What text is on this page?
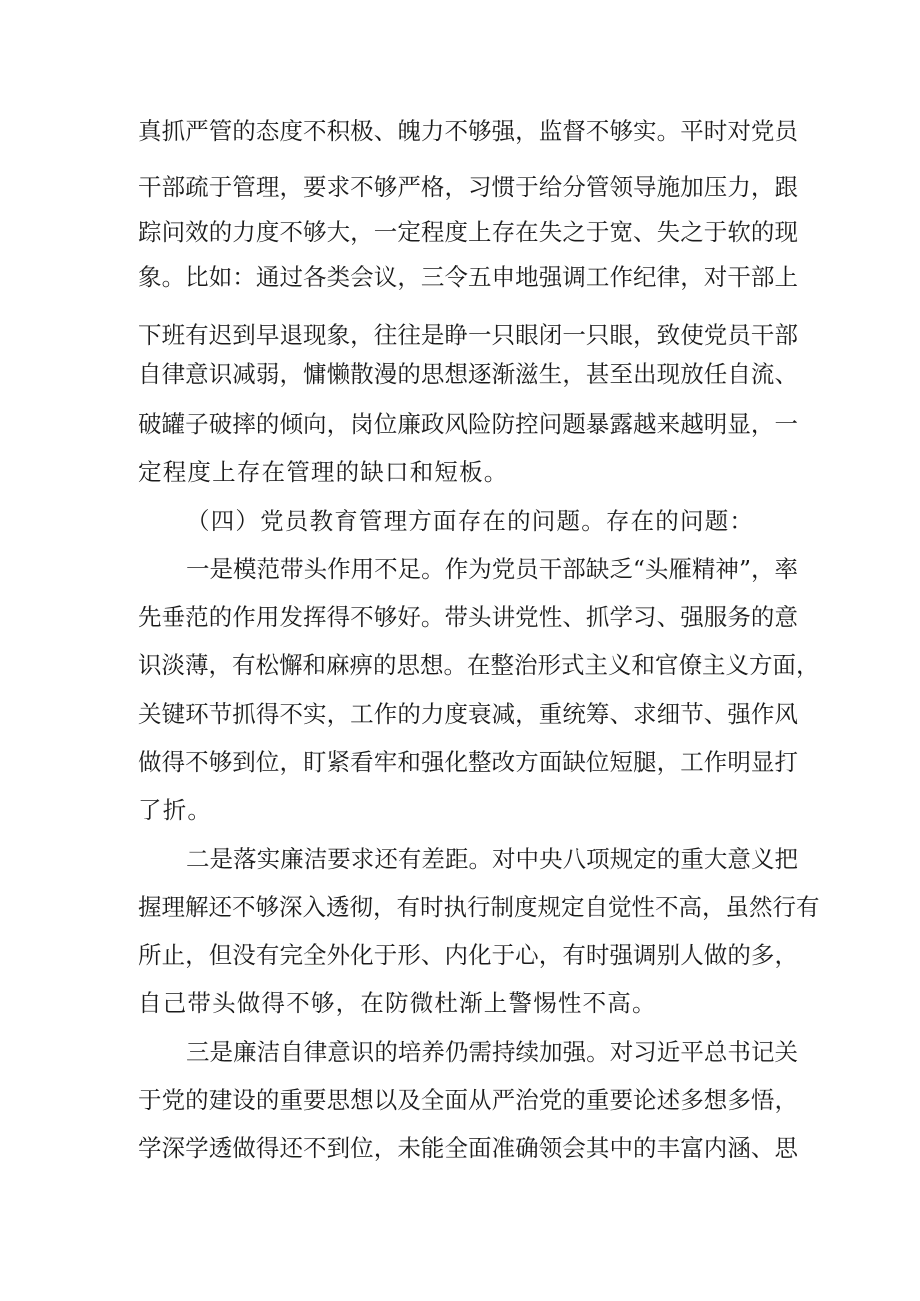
真抓严管的态度不积极、魄力不够强，监督不够实。平时对党员
干部疏于管理，要求不够严格，习惯于给分管领导施加压力，跟
踪问效的力度不够大，一定程度上存在失之于宽、失之于软的现
象。比如：通过各类会议，三令五申地强调工作纪律，对干部上
下班有迟到早退现象，往往是睁一只眼闭一只眼，致使党员干部
自律意识减弱，慵懒散漫的思想逐渐滋生，甚至出现放任自流、
破罐子破摔的倾向，岗位廉政风险防控问题暴露越来越明显，一
定程度上存在管理的缺口和短板。
（四）党员教育管理方面存在的问题。存在的问题：
一是模范带头作用不足。作为党员干部缺乏“头雁精神”，率
先垂范的作用发挥得不够好。带头讲党性、抓学习、强服务的意
识淡薄，有松懈和麻痹的思想。在整治形式主义和官僚主义方面，
关键环节抓得不实，工作的力度衰减，重统筹、求细节、强作风
做得不够到位，盯紧看牢和强化整改方面缺位短腿，工作明显打
了折。
二是落实廉洁要求还有差距。对中央八项规定的重大意义把
握理解还不够深入透彻，有时执行制度规定自觉性不高，虽然行有
所止，但没有完全外化于形、内化于心，有时强调别人做的多，
自己带头做得不够，在防微杜渐上警惕性不高。
三是廉洁自律意识的培养仍需持续加强。对习近平总书记关
于党的建设的重要思想以及全面从严治党的重要论述多想多悟，
学深学透做得还不到位，未能全面准确领会其中的丰富内涵、思
